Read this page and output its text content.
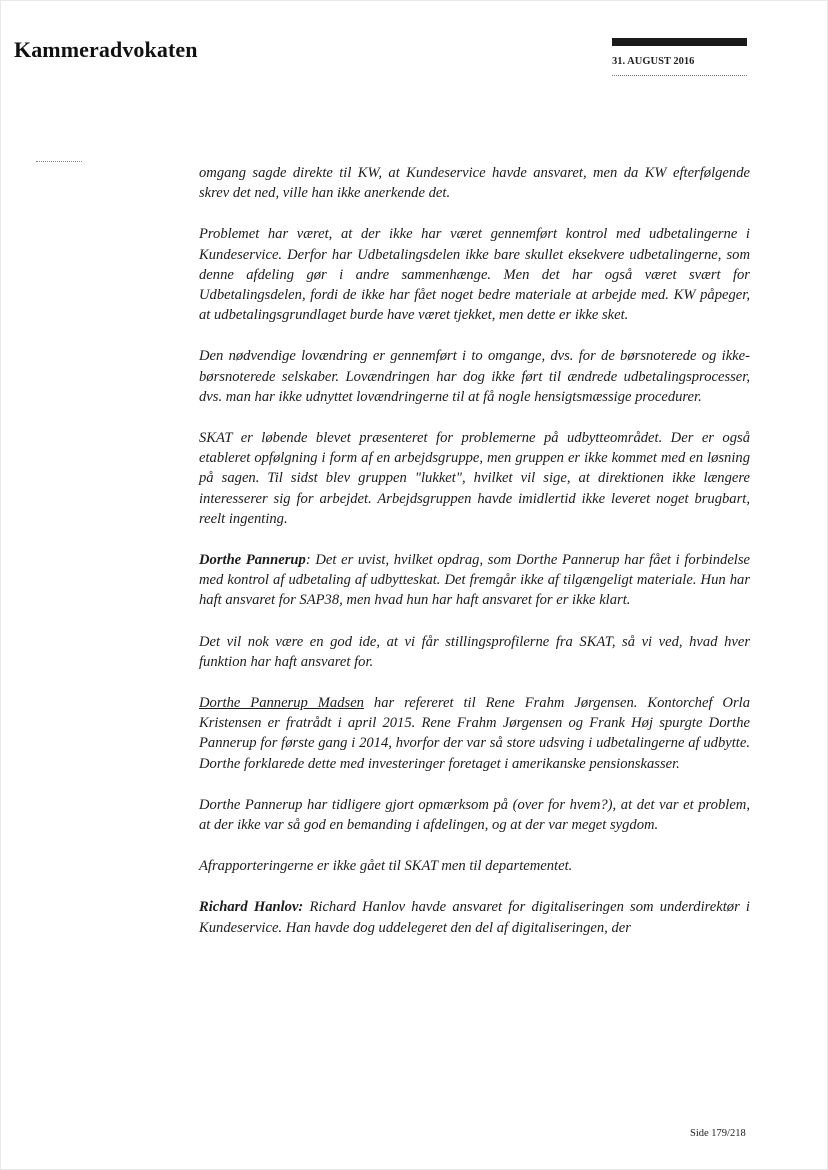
Kammeradvokaten	31. AUGUST 2016

omgang sagde direkte til KW, at Kundeservice havde ansvaret, men da KW efterfølgende skrev det ned, ville han ikke anerkende det.

Problemet har været, at der ikke har været gennemført kontrol med udbetalingerne i Kundeservice. Derfor har Udbetalingsdelen ikke bare skullet eksekvere udbetalingerne, som denne afdeling gør i andre sammenhænge. Men det har også været svært for Udbetalingsdelen, fordi de ikke har fået noget bedre materiale at arbejde med. KW påpeger, at udbetalingsgrundlaget burde have været tjekket, men dette er ikke sket.

Den nødvendige lovændring er gennemført i to omgange, dvs. for de børsnoterede og ikke-børsnoterede selskaber. Lovændringen har dog ikke ført til ændrede udbetalingsprocesser, dvs. man har ikke udnyttet lovændringerne til at få nogle hensigtsmæssige procedurer.

SKAT er løbende blevet præsenteret for problemerne på udbytteområdet. Der er også etableret opfølgning i form af en arbejdsgruppe, men gruppen er ikke kommet med en løsning på sagen. Til sidst blev gruppen "lukket", hvilket vil sige, at direktionen ikke længere interesserer sig for arbejdet. Arbejdsgruppen havde imidlertid ikke leveret noget brugbart, reelt ingenting.

Dorthe Pannerup: Det er uvist, hvilket opdrag, som Dorthe Pannerup har fået i forbindelse med kontrol af udbetaling af udbytteskat. Det fremgår ikke af tilgængeligt materiale. Hun har haft ansvaret for SAP38, men hvad hun har haft ansvaret for er ikke klart.

Det vil nok være en god ide, at vi får stillingsprofilerne fra SKAT, så vi ved, hvad hver funktion har haft ansvaret for.

Dorthe Pannerup Madsen har refereret til Rene Frahm Jørgensen. Kontorchef Orla Kristensen er fratrådt i april 2015. Rene Frahm Jørgensen og Frank Høj spurgte Dorthe Pannerup for første gang i 2014, hvorfor der var så store udsving i udbetalingerne af udbytte. Dorthe forklarede dette med investeringer foretaget i amerikanske pensionskasser.

Dorthe Pannerup har tidligere gjort opmærksom på (over for hvem?), at det var et problem, at der ikke var så god en bemanding i afdelingen, og at der var meget sygdom.

Afrapporteringerne er ikke gået til SKAT men til departementet.

Richard Hanlov: Richard Hanlov havde ansvaret for digitaliseringen som underdirektør i Kundeservice. Han havde dog uddelegeret den del af digitaliseringen, der

Side 179/218
